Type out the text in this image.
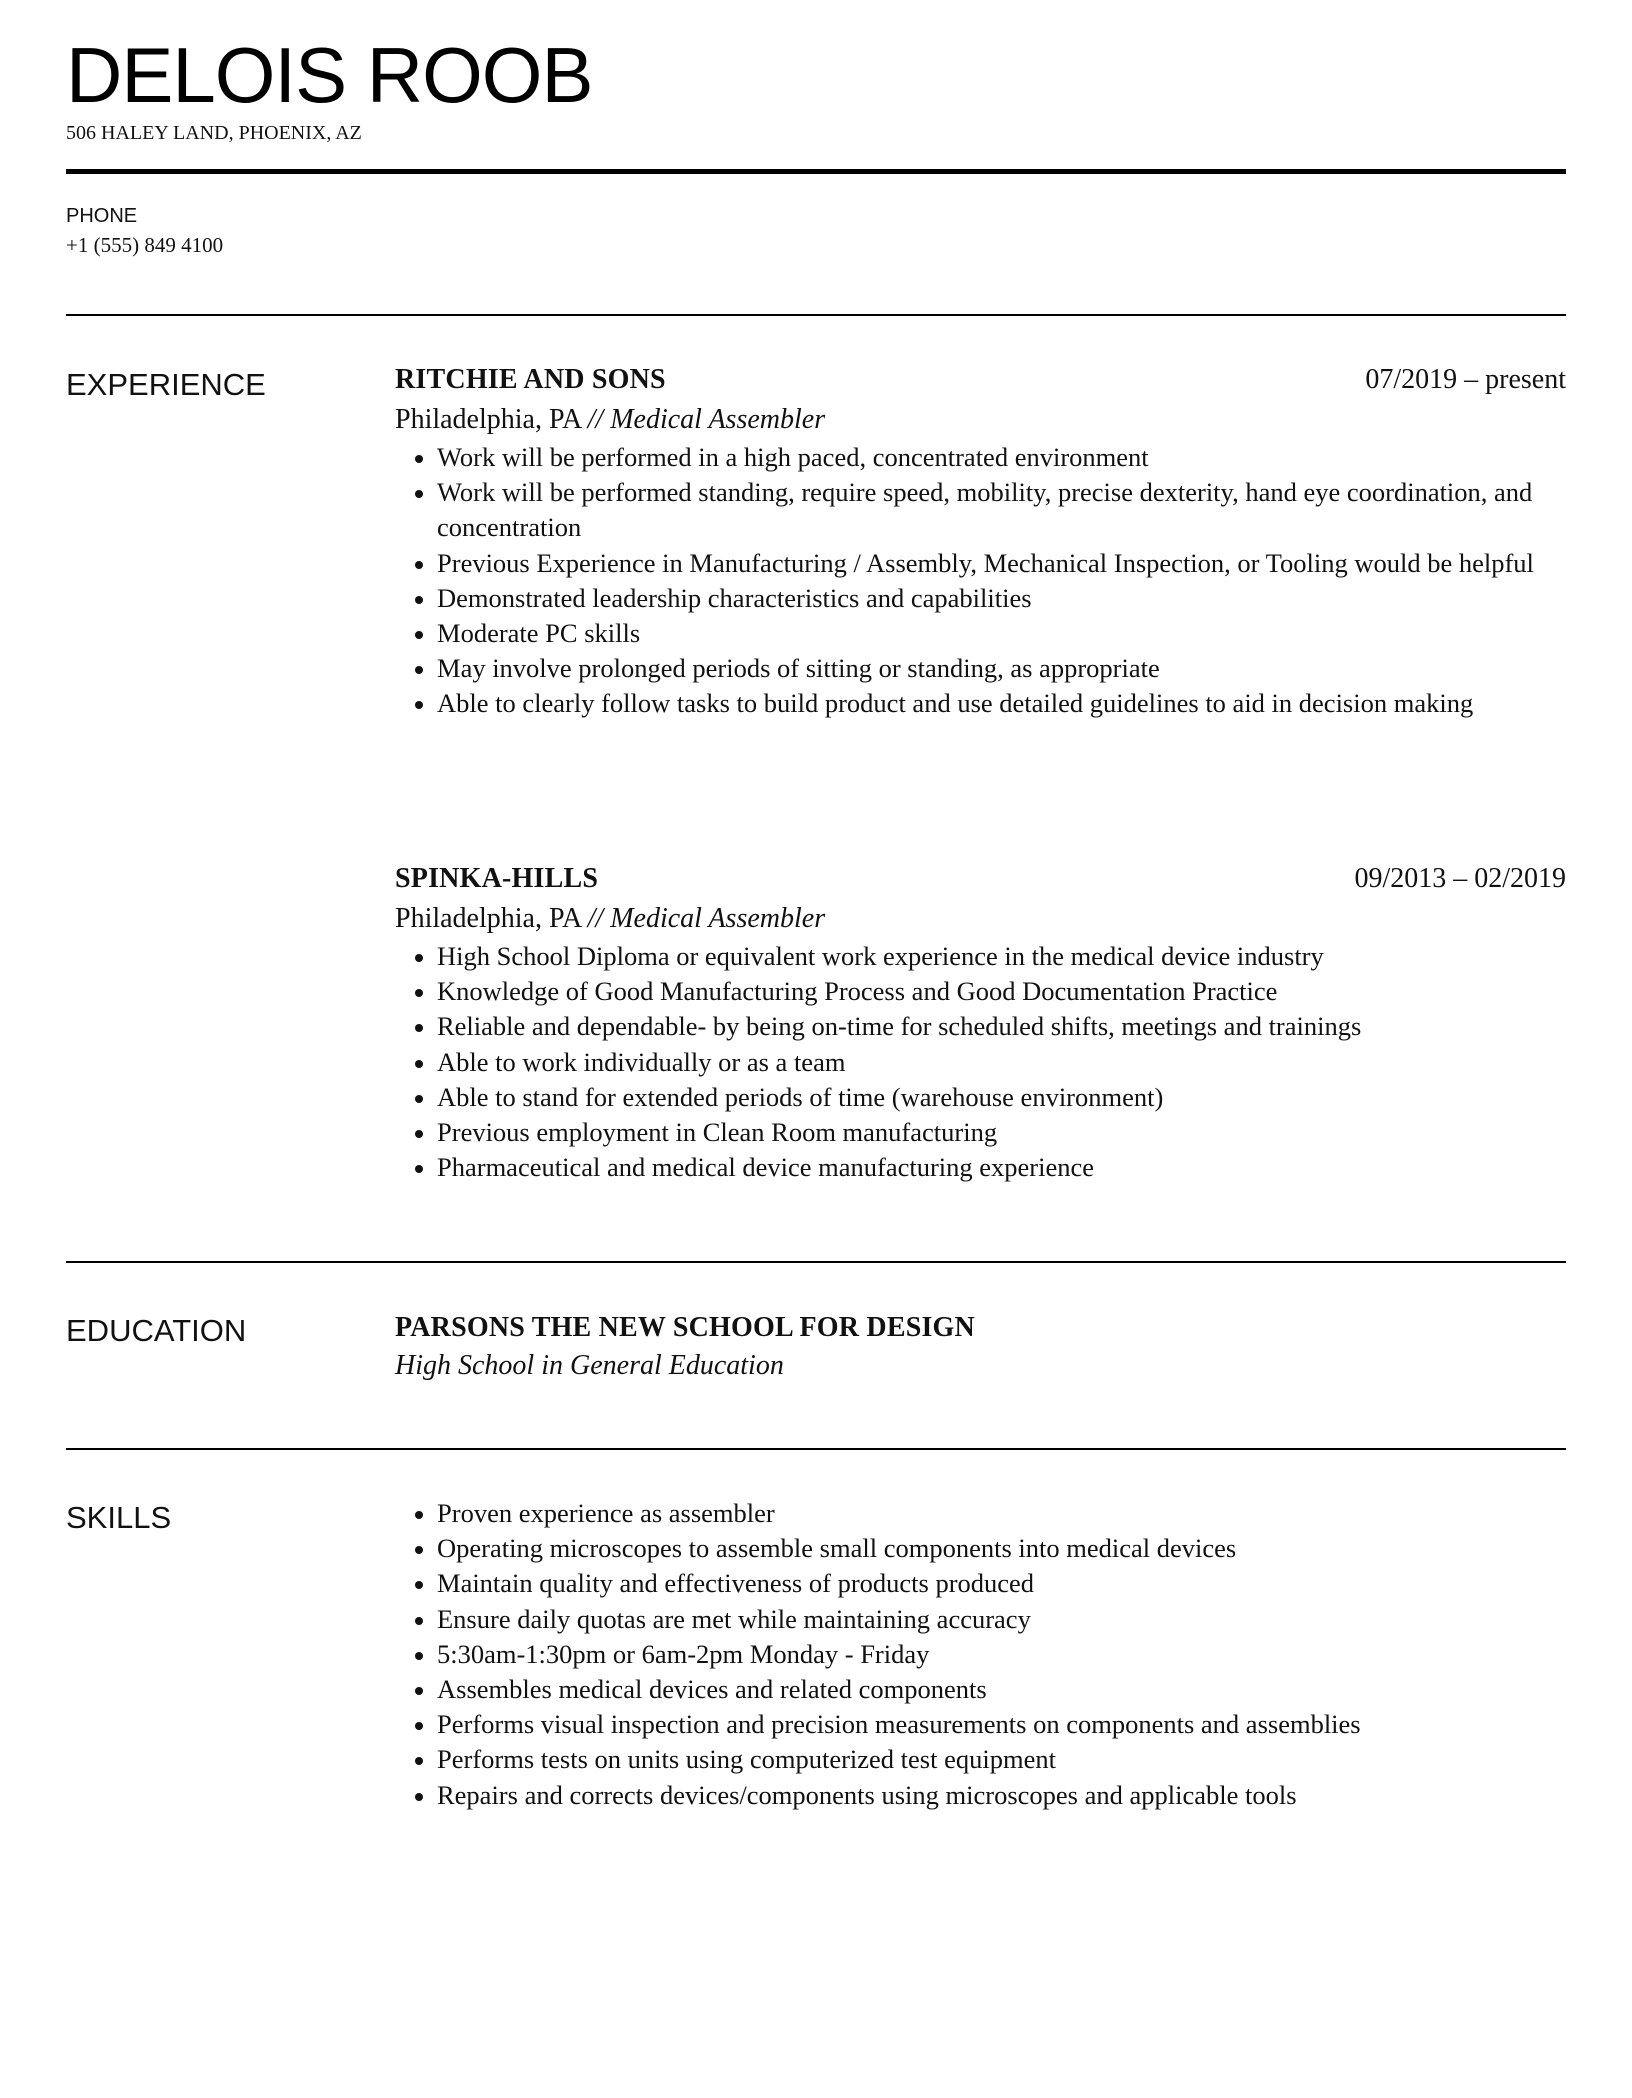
DELOIS ROOB
506 HALEY LAND, PHOENIX, AZ
PHONE
+1 (555) 849 4100
EXPERIENCE	RITCHIE AND SONS	07/2019 – present
Philadelphia, PA // Medical Assembler
Work will be performed in a high paced, concentrated environment
Work will be performed standing, require speed, mobility, precise dexterity, hand eye coordination, and concentration
Previous Experience in Manufacturing / Assembly, Mechanical Inspection, or Tooling would be helpful
Demonstrated leadership characteristics and capabilities
Moderate PC skills
May involve prolonged periods of sitting or standing, as appropriate
Able to clearly follow tasks to build product and use detailed guidelines to aid in decision making
SPINKA-HILLS	09/2013 – 02/2019
Philadelphia, PA // Medical Assembler
High School Diploma or equivalent work experience in the medical device industry
Knowledge of Good Manufacturing Process and Good Documentation Practice
Reliable and dependable- by being on-time for scheduled shifts, meetings and trainings
Able to work individually or as a team
Able to stand for extended periods of time (warehouse environment)
Previous employment in Clean Room manufacturing
Pharmaceutical and medical device manufacturing experience
EDUCATION	PARSONS THE NEW SCHOOL FOR DESIGN
High School in General Education
SKILLS	Proven experience as assembler
Operating microscopes to assemble small components into medical devices
Maintain quality and effectiveness of products produced
Ensure daily quotas are met while maintaining accuracy
5:30am-1:30pm or 6am-2pm Monday - Friday
Assembles medical devices and related components
Performs visual inspection and precision measurements on components and assemblies
Performs tests on units using computerized test equipment
Repairs and corrects devices/components using microscopes and applicable tools
